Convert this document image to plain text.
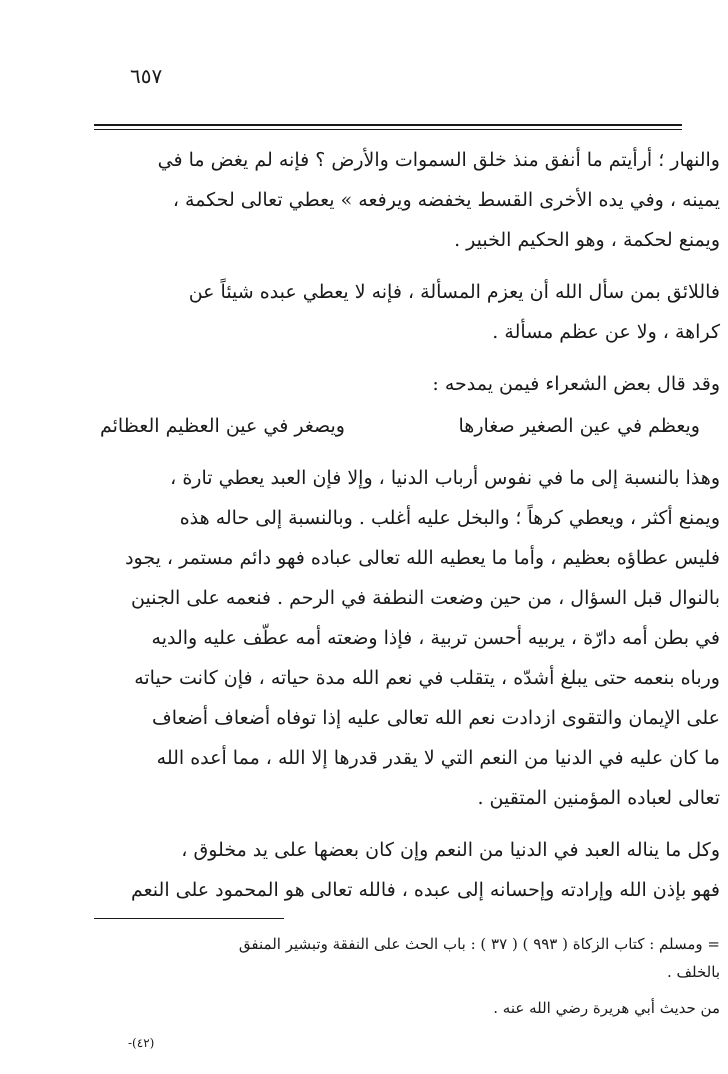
٦٥٧
والنهار ؛ أرأيتم ما أنفق منذ خلق السموات والأرض ؟ فإنه لم يغض ما في
يمينه ، وفي يده الأخرى القسط يخفضه ويرفعه » يعطي تعالى لحكمة ،
ويمنع لحكمة ، وهو الحكيم الخبير .
فاللائق بمن سأل الله أن يعزم المسألة ، فإنه لا يعطي عبده شيئاً عن
كراهة ، ولا عن عظم مسألة .
وقد قال بعض الشعراء فيمن يمدحه :
ويعظم في عين الصغير صغارها
ويصغر في عين العظيم العظائم
وهذا بالنسبة إلى ما في نفوس أرباب الدنيا ، وإلا فإن العبد يعطي تارة ،
ويمنع أكثر ، ويعطي كرهاً ؛ والبخل عليه أغلب . وبالنسبة إلى حاله هذه
فليس عطاؤه بعظيم ، وأما ما يعطيه الله تعالى عباده فهو دائم مستمر ، يجود
بالنوال قبل السؤال ، من حين وضعت النطفة في الرحم . فنعمه على الجنين
في بطن أمه دارّة ، يربيه أحسن تربية ، فإذا وضعته أمه عطّف عليه والديه
ورباه بنعمه حتى يبلغ أشدّه ، يتقلب في نعم الله مدة حياته ، فإن كانت حياته
على الإيمان والتقوى ازدادت نعم الله تعالى عليه إذا توفاه أضعاف أضعاف
ما كان عليه في الدنيا من النعم التي لا يقدر قدرها إلا الله ، مما أعده الله
تعالى لعباده المؤمنين المتقين .
وكل ما يناله العبد في الدنيا من النعم وإن كان بعضها على يد مخلوق ،
فهو بإذن الله وإرادته وإحسانه إلى عبده ، فالله تعالى هو المحمود على النعم

= ومسلم : كتاب الزكاة ( ٩٩٣ ) ( ٣٧ ) : باب الحث على النفقة وتبشير المنفق

بالخلف .

من حديث أبي هريرة رضي الله عنه .

(٤٢)-
